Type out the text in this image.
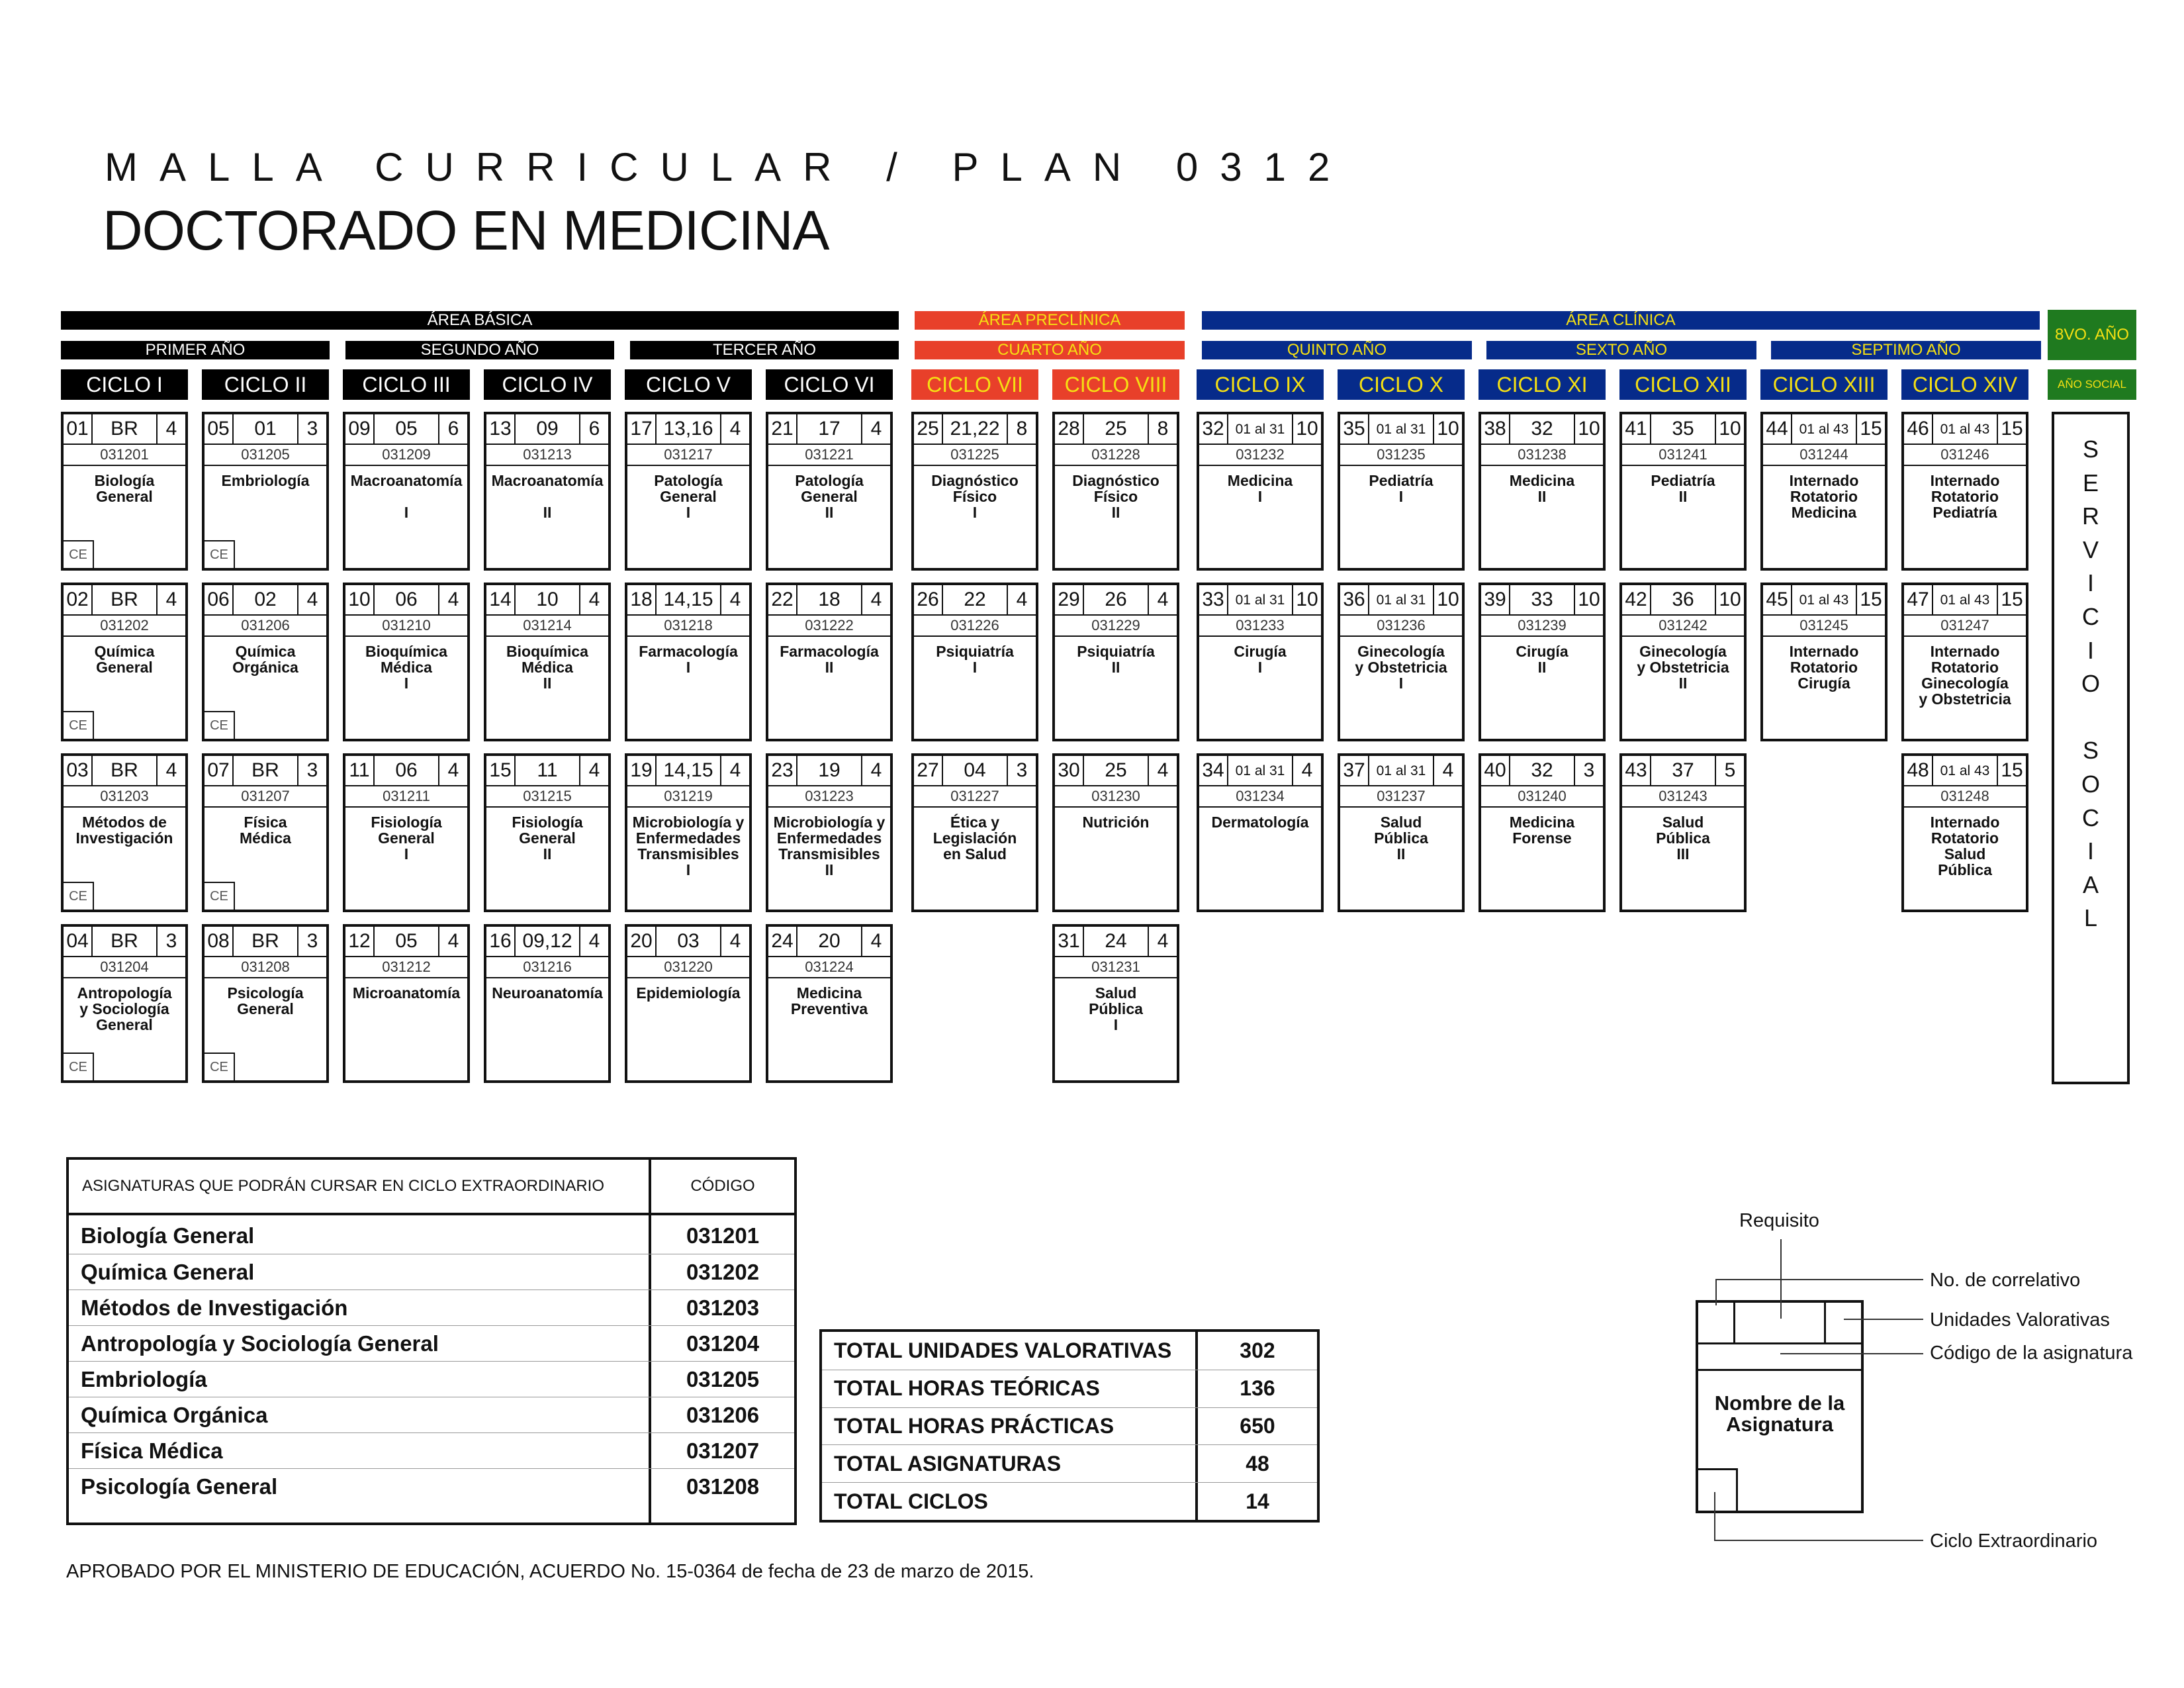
MALLA CURRICULAR / PLAN 0312
DOCTORADO EN MEDICINA
ÁREA BÁSICA	ÁREA PRECLÍNICA	ÁREA CLÍNICA
8VO. AÑO
PRIMER AÑO	SEGUNDO AÑO	TERCER AÑO	CUARTO AÑO	QUINTO AÑO	SEXTO AÑO	SEPTIMO AÑO
CICLO I	CICLO II	CICLO III	CICLO IV	CICLO V	CICLO VI	CICLO VII	CICLO VIII	CICLO IX	CICLO X	CICLO XI	CICLO XII	CICLO XIII	CICLO XIV	AÑO SOCIAL
01	BR	4
031201
Biología
General
CE
02	BR	4
031202
Química
General
CE
03	BR	4
031203
Métodos de
Investigación
CE
04	BR	3
031204
Antropología
y Sociología
General
CE
05	01	3
031205
Embriología
CE
06	02	4
031206
Química
Orgánica
CE
07	BR	3
031207
Física
Médica
CE
08	BR	3
031208
Psicología
General
CE
09	05	6
031209
Macroanatomía

I
10	06	4
031210
Bioquímica
Médica
I
11	06	4
031211
Fisiología
General
I
12	05	4
031212
Microanatomía
13	09	6
031213
Macroanatomía

II
14	10	4
031214
Bioquímica
Médica
II
15	11	4
031215
Fisiología
General
II
16 09,12 4
031216
Neuroanatomía
17 13,16 4
031217
Patología
General
I
18 14,15 4
031218
Farmacología
I
19 14,15 4
031219
Microbiología y
Enfermedades
Transmisibles
I
20	03	4
031220
Epidemiología
21	17	4
031221
Patología
General
II
22	18	4
031222
Farmacología
II
23	19	4
031223
Microbiología y
Enfermedades
Transmisibles
II
24	20	4
031224
Medicina
Preventiva
25 21,22 8
031225
Diagnóstico
Físico
I
26	22	4
031226
Psiquiatría
I
27	04	3
031227
Ética y
Legislación
en Salud
28	25	8
031228
Diagnóstico
Físico
II
29	26	4
031229
Psiquiatría
II
30	25	4
031230
Nutrición
31	24	4
031231
Salud
Pública
I
32 01 al 31 10
031232
Medicina
I
33 01 al 31 10
031233
Cirugía
I
34 01 al 31 4
031234
Dermatología
35 01 al 31 10
031235
Pediatría
I
36 01 al 31 10
031236
Ginecología
y Obstetricia
I
37 01 al 31 4
031237
Salud
Pública
II
38	32	10
031238
Medicina
II
39	33	10
031239
Cirugía
II
40	32	3
031240
Medicina
Forense
41	35	10
031241
Pediatría
II
42	36	10
031242
Ginecología
y Obstetricia
II
43	37	5
031243
Salud
Pública
III
44 01 al 43 15
031244
Internado
Rotatorio
Medicina
45 01 al 43 15
031245
Internado
Rotatorio
Cirugía
46 01 al 43 15
031246
Internado
Rotatorio
Pediatría
47 01 al 43 15
031247
Internado
Rotatorio
Ginecología
y Obstetricia
48 01 al 43 15
031248
Internado
Rotatorio
Salud
Pública
S
E
R
V
I
C
I
O
S
O
C
I
A
L
ASIGNATURAS QUE PODRÁN CURSAR EN CICLO EXTRAORDINARIO	CÓDIGO
Biología General	031201
Química General	031202
Métodos de Investigación	031203
Antropología y Sociología General	031204
Embriología	031205
Química Orgánica	031206
Física Médica	031207
Psicología General	031208
TOTAL UNIDADES VALORATIVAS	302
TOTAL HORAS TEÓRICAS	136
TOTAL HORAS PRÁCTICAS	650
TOTAL ASIGNATURAS	48
TOTAL CICLOS	14
APROBADO POR EL MINISTERIO DE EDUCACIÓN, ACUERDO No. 15-0364 de fecha de 23 de marzo de 2015.
Requisito
No. de correlativo
Unidades Valorativas
Código de la asignatura
Ciclo Extraordinario
Nombre de la
Asignatura
